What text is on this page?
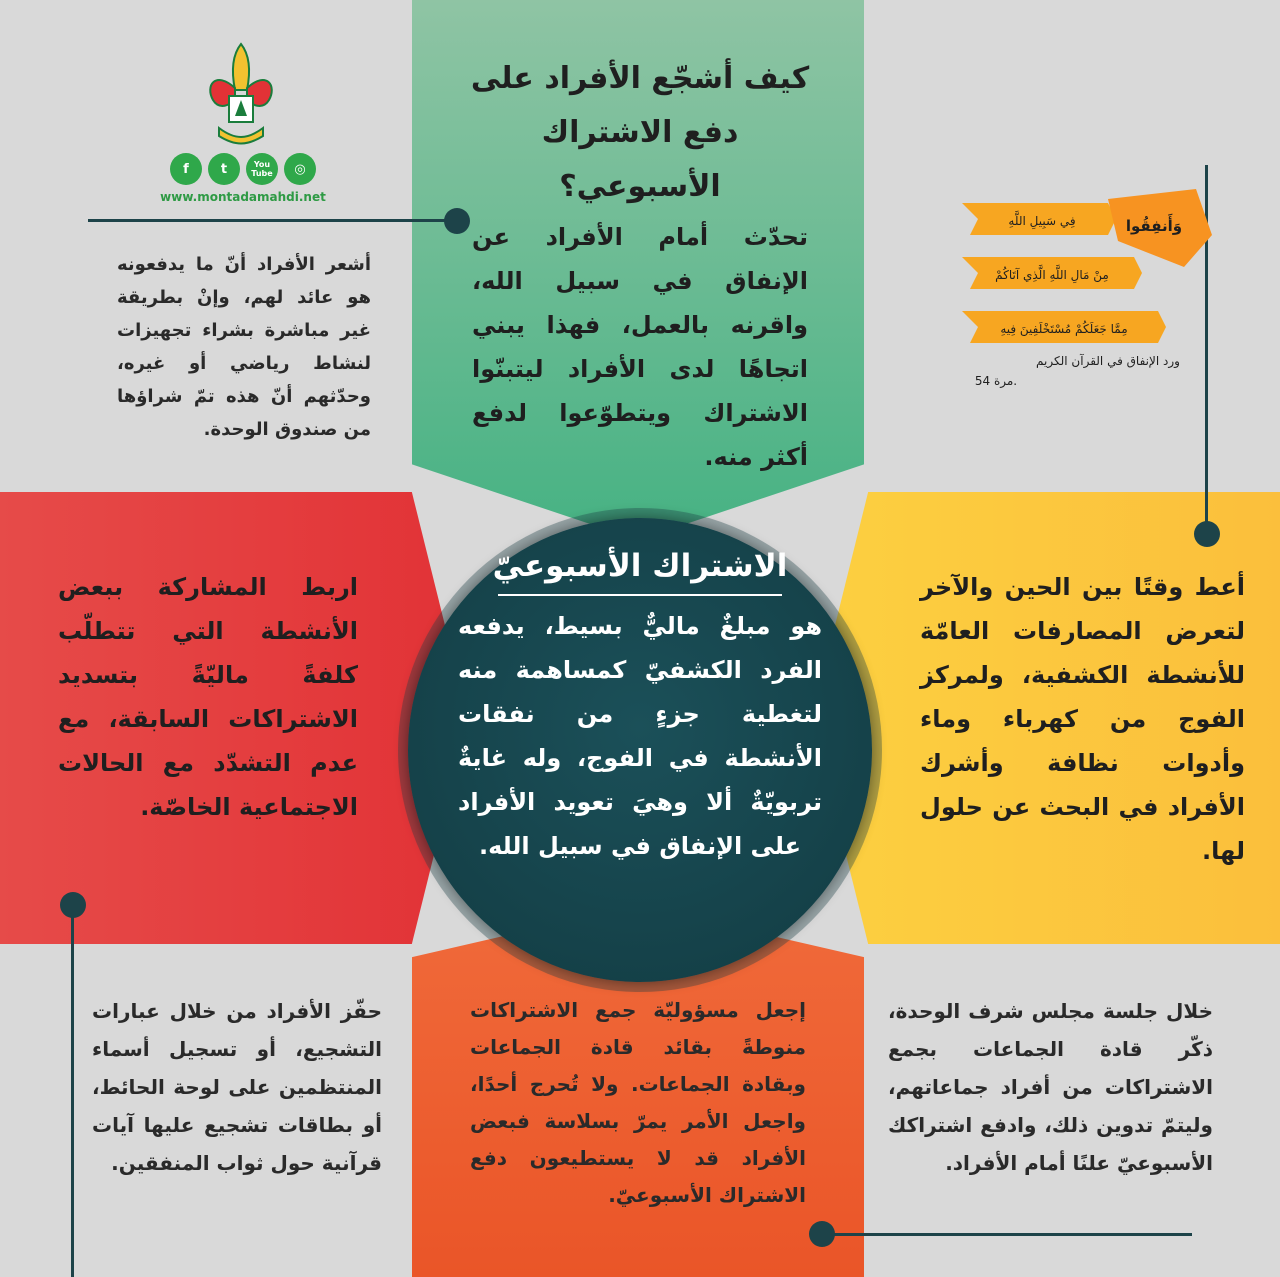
f	t	You Tube	◎
www.montadamahdi.net
كيف أشجّع الأفراد على دفع الاشتراك الأسبوعي؟
تحدّث أمام الأفراد عن الإنفاق في سبيل الله، واقرنه بالعمل، فهذا يبني اتجاهًا لدى الأفراد ليتبنّوا الاشتراك ويتطوّعوا لدفع أكثر منه.
أشعر الأفراد أنّ ما يدفعونه هو عائد لهم، وإنْ بطريقة غير مباشرة بشراء تجهيزات لنشاط رياضي أو غيره، وحدّثهم أنّ هذه تمّ شراؤها من صندوق الوحدة.
وَأَنفِقُوا
فِي سَبِيلِ اللَّهِ
مِنْ مَالِ اللَّهِ الَّذِي آتَاكُمْ
مِمَّا جَعَلَكُمْ مُسْتَخْلَفِينَ فِيهِ
ورد الإنفاق في القرآن الكريم
54 مرة.
اربط المشاركة ببعض الأنشطة التي تتطلّب كلفةً ماليّةً بتسديد الاشتراكات السابقة، مع عدم التشدّد مع الحالات الاجتماعية الخاصّة.
أعط وقتًا بين الحين والآخر لتعرض المصارفات العامّة للأنشطة الكشفية، ولمركز الفوج من كهرباء وماء وأدوات نظافة وأشرك الأفراد في البحث عن حلول لها.
الاشتراك الأسبوعيّ
هو مبلغٌ ماليٌّ بسيط، يدفعه الفرد الكشفيّ كمساهمة منه لتغطية جزءٍ من نفقات الأنشطة في الفوج، وله غايةٌ تربويّةٌ ألا وهيَ تعويد الأفراد على الإنفاق في سبيل الله.
حفّز الأفراد من خلال عبارات التشجيع، أو تسجيل أسماء المنتظمين على لوحة الحائط، أو بطاقات تشجيع عليها آيات قرآنية حول ثواب المنفقين.
إجعل مسؤوليّة جمع الاشتراكات منوطةً بقائد قادة الجماعات وبقادة الجماعات. ولا تُحرج أحدًا، واجعل الأمر يمرّ بسلاسة فبعض الأفراد قد لا يستطيعون دفع الاشتراك الأسبوعيّ.
خلال جلسة مجلس شرف الوحدة، ذكّر قادة الجماعات بجمع الاشتراكات من أفراد جماعاتهم، وليتمّ تدوين ذلك، وادفع اشتراكك الأسبوعيّ علنًا أمام الأفراد.
